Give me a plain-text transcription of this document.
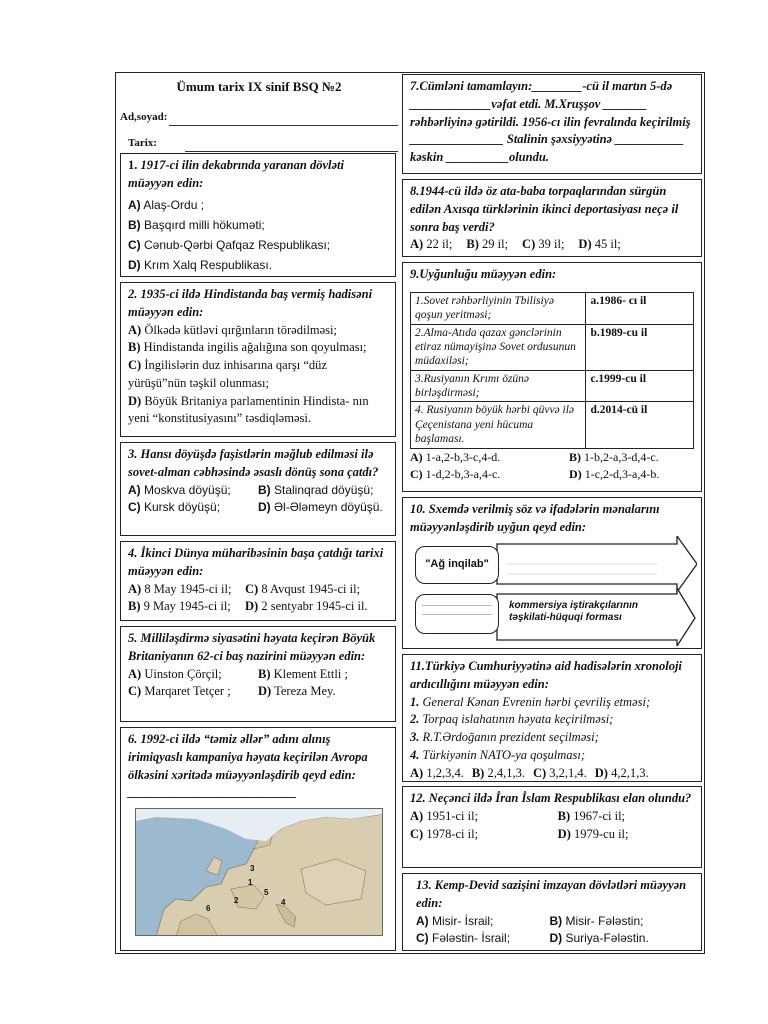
Ümum tarix IX sinif BSQ №2
Ad,soyad:
Tarix:
1. 1917-ci ilin dekabrında yaranan dövləti müəyyən edin:
A) Alaş-Ordu ;
B) Başqırd milli hökuməti;
C) Cənub-Qərbi Qafqaz Respublikası;
D) Krım Xalq Respublikası.
2. 1935-ci ildə Hindistanda baş vermiş hadisəni müəyyən edin:
A) Ölkədə kütləvi qırğınların törədilməsi;
B) Hindistanda ingilis ağalığına son qoyulması;
C) İngilislərin duz inhisarına qarşı “düz yürüşü”nün təşkil olunması;
D) Böyük Britaniya parlamentinin Hindista- nın yeni “konstitusiyasını” təsdiqləməsi.
3. Hansı döyüşdə faşistlərin məğlub edilməsi ilə sovet-alman cəbhəsində əsaslı dönüş sona çatdı?
A) Moskva döyüşü;	B) Stalinqrad döyüşü;
C) Kursk döyüşü;	D) Əl-Ələmeyn döyüşü.
4. İkinci Dünya müharibəsinin başa çatdığı tarixi müəyyən edin:
A) 8 May 1945-ci il;	C) 8 Avqust 1945-ci il;
B) 9 May 1945-ci il;	D) 2 sentyabr 1945-ci il.
5. Millіləşdirmə siyasətini həyata keçirən Böyük Britaniyanın 62-ci baş nazirini müəyyən edin:
A) Uinston Çörçil;	B) Klement Ettli ;
C) Marqaret Tetçer ;	D) Tereza Mey.
6. 1992-ci ildə “təmiz əllər” adını alınış irimiqyaslı kampaniya həyata keçirilən Avropa ölkəsini xəritədə müəyyənləşdirib qeyd edin: ___________________________
1
2
3
4
5
6
7.Cümləni tamamlayın:________-cü il martın 5-də _____________vəfat etdi. M.Xruşşov _______ rəhbərliyinə gətirildi. 1956-cı ilin fevralında keçirilmiş _______________ Stalinin şəxsiyyətinə ___________ kəskin __________olundu.
8.1944-cü ildə öz ata-baba torpaqlarından sürgün edilən Axısqa türklərinin ikinci deportasiyası neçə il sonra baş verdi?
A) 22 il; B) 29 il; C) 39 il; D) 45 il;
9.Uyğunluğu müəyyən edin:
1.Sovet rəhbərliyinin Tbilisiyə qoşun yeritməsi;	a.1986- cı il
2.Alma-Atıda qazax gənclərinin etiraz nümayişinə Sovet ordusunun müdaxiləsi;	b.1989-cu il
3.Rusiyanın Krımı özünə birləşdirməsi;	c.1999-cu il
4. Rusiyanın böyük hərbi qüvvə ilə Çeçenistana yeni hücuma başlaması.	d.2014-cü il
A) 1-a,2-b,3-c,4-d.	B) 1-b,2-a,3-d,4-c.
C) 1-d,2-b,3-a,4-c.	D) 1-c,2-d,3-a,4-b.
10. Sxemdə verilmiş söz və ifadələrin mənalarını müəyyənləşdirib uyğun qeyd edin:
"Ağ inqilab"
kommersiya iştirakçılarının təşkilati-hüquqi forması
11.Türkiyə Cumhuriyyətinə aid hadisələrin xronoloji ardıcıllığını müəyyən edin:
1. General Kənan Evrenin hərbi çevriliş etməsi;
2. Torpaq islahatının həyata keçirilməsi;
3. R.T.Ərdoğanın prezident seçilməsi;
4. Türkiyənin NATO-ya qoşulması;
A) 1,2,3,4. B) 2,4,1,3. C) 3,2,1,4. D) 4,2,1,3.
12. Neçənci ildə İran İslam Respublikası elan olundu?
A) 1951-ci il;	B) 1967-ci il;
C) 1978-ci il;	D) 1979-cu il;
13. Kemp-Devid sazişini imzayan dövlətləri müəyyən edin:
A) Misir- İsrail;	B) Misir- Fələstin;
C) Fələstin- İsrail;	D) Suriya-Fələstin.
